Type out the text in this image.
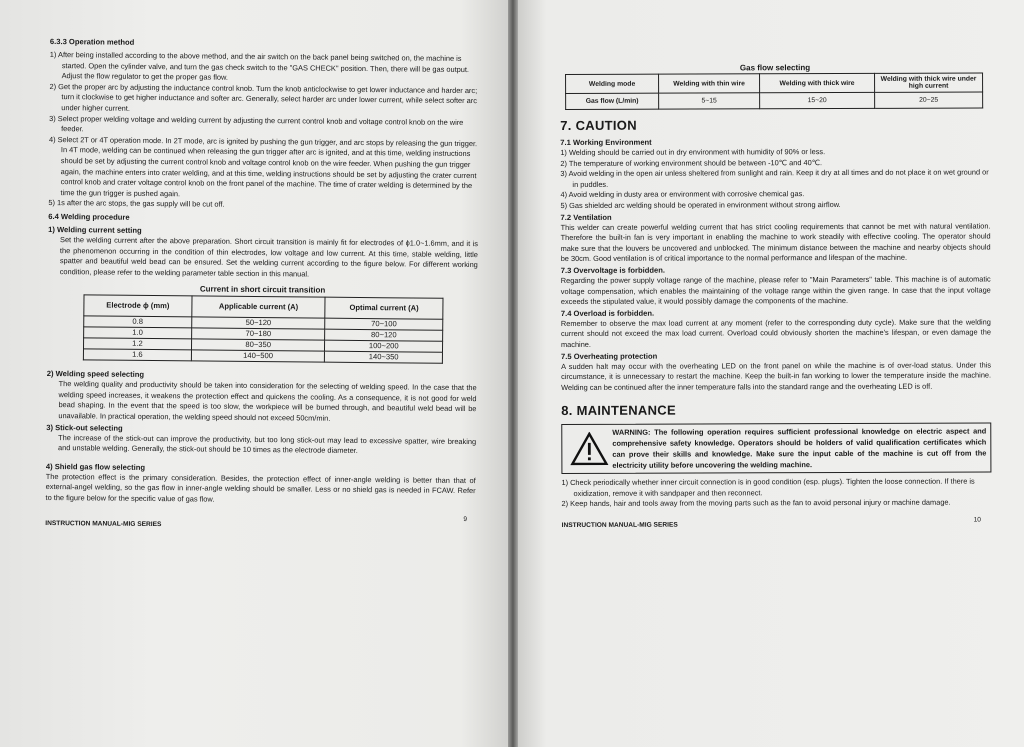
6.3.3 Operation method
1) After being installed according to the above method, and the air switch on the back panel being switched on, the machine is started. Open the cylinder valve, and turn the gas check switch to the "GAS CHECK" position. Then, there will be gas output. Adjust the flow regulator to get the proper gas flow.
2) Get the proper arc by adjusting the inductance control knob. Turn the knob anticlockwise to get lower inductance and harder arc; turn it clockwise to get higher inductance and softer arc. Generally, select harder arc under lower current, while select softer arc under higher current.
3) Select proper welding voltage and welding current by adjusting the current control knob and voltage control knob on the wire feeder.
4) Select 2T or 4T operation mode. In 2T mode, arc is ignited by pushing the gun trigger, and arc stops by releasing the gun trigger. In 4T mode, welding can be continued when releasing the gun trigger after arc is ignited, and at this time, welding instructions should be set by adjusting the current control knob and voltage control knob on the wire feeder. When pushing the gun trigger again, the machine enters into crater welding, and at this time, welding instructions should be set by adjusting the crater current control knob and crater voltage control knob on the front panel of the machine. The time of crater welding is determined by the time the gun trigger is pushed again.
5) 1s after the arc stops, the gas supply will be cut off.
6.4 Welding procedure
1) Welding current setting
Set the welding current after the above preparation. Short circuit transition is mainly fit for electrodes of ϕ1.0~1.6mm, and it is the phenomenon occurring in the condition of thin electrodes, low voltage and low current. At this time, stable welding, little spatter and beautiful weld bead can be ensured. Set the welding current according to the figure below. For different working condition, please refer to the welding parameter table section in this manual.
Current in short circuit transition
Electrode ϕ (mm)	Applicable current (A)	Optimal current (A)
0.8	50~120	70~100
1.0	70~180	80~120
1.2	80~350	100~200
1.6	140~500	140~350
2) Welding speed selecting
The welding quality and productivity should be taken into consideration for the selecting of welding speed. In the case that the welding speed increases, it weakens the protection effect and quickens the cooling. As a consequence, it is not good for weld bead shaping. In the event that the speed is too slow, the workpiece will be burned through, and beautiful weld bead will be unavailable. In practical operation, the welding speed should not exceed 50cm/min.
3) Stick-out selecting
The increase of the stick-out can improve the productivity, but too long stick-out may lead to excessive spatter, wire breaking and unstable welding. Generally, the stick-out should be 10 times as the electrode diameter.
4) Shield gas flow selecting

The protection effect is the primary consideration. Besides, the protection effect of inner-angle welding is better than that of external-angel welding, so the gas flow in inner-angle welding should be smaller. Less or no shield gas is needed in FCAW. Refer to the figure below for the specific value of gas flow.

INSTRUCTION MANUAL-MIG SERIES
9
Gas flow selecting
Welding mode	Welding with thin wire	Welding with thick wire	Welding with thick wire under high current
Gas flow (L/min)	5~15	15~20	20~25
7. CAUTION
7.1 Working Environment
1) Welding should be carried out in dry environment with humidity of 90% or less.
2) The temperature of working environment should be between -10℃ and 40℃.
3) Avoid welding in the open air unless sheltered from sunlight and rain. Keep it dry at all times and do not place it on wet ground or in puddles.
4) Avoid welding in dusty area or environment with corrosive chemical gas.
5) Gas shielded arc welding should be operated in environment without strong airflow.
7.2 Ventilation

This welder can create powerful welding current that has strict cooling requirements that cannot be met with natural ventilation. Therefore the built-in fan is very important in enabling the machine to work steadily with effective cooling. The operator should make sure that the louvers be uncovered and unblocked. The minimum distance between the machine and nearby objects should be 30cm. Good ventilation is of critical importance to the normal performance and lifespan of the machine.

7.3 Overvoltage is forbidden.

Regarding the power supply voltage range of the machine, please refer to "Main Parameters" table. This machine is of automatic voltage compensation, which enables the maintaining of the voltage range within the given range. In case that the input voltage exceeds the stipulated value, it would possibly damage the components of the machine.

7.4 Overload is forbidden.

Remember to observe the max load current at any moment (refer to the corresponding duty cycle). Make sure that the welding current should not exceed the max load current. Overload could obviously shorten the machine's lifespan, or even damage the machine.

7.5 Overheating protection

A sudden halt may occur with the overheating LED on the front panel on while the machine is of over-load status. Under this circumstance, it is unnecessary to restart the machine. Keep the built-in fan working to lower the temperature inside the machine. Welding can be continued after the inner temperature falls into the standard range and the overheating LED is off.

8. MAINTENANCE
WARNING: The following operation requires sufficient professional knowledge on electric aspect and comprehensive safety knowledge. Operators should be holders of valid qualification certificates which can prove their skills and knowledge. Make sure the input cable of the machine is cut off from the electricity utility before uncovering the welding machine.
1) Check periodically whether inner circuit connection is in good condition (esp. plugs). Tighten the loose connection. If there is oxidization, remove it with sandpaper and then reconnect.
2) Keep hands, hair and tools away from the moving parts such as the fan to avoid personal injury or machine damage.
INSTRUCTION MANUAL-MIG SERIES
10
